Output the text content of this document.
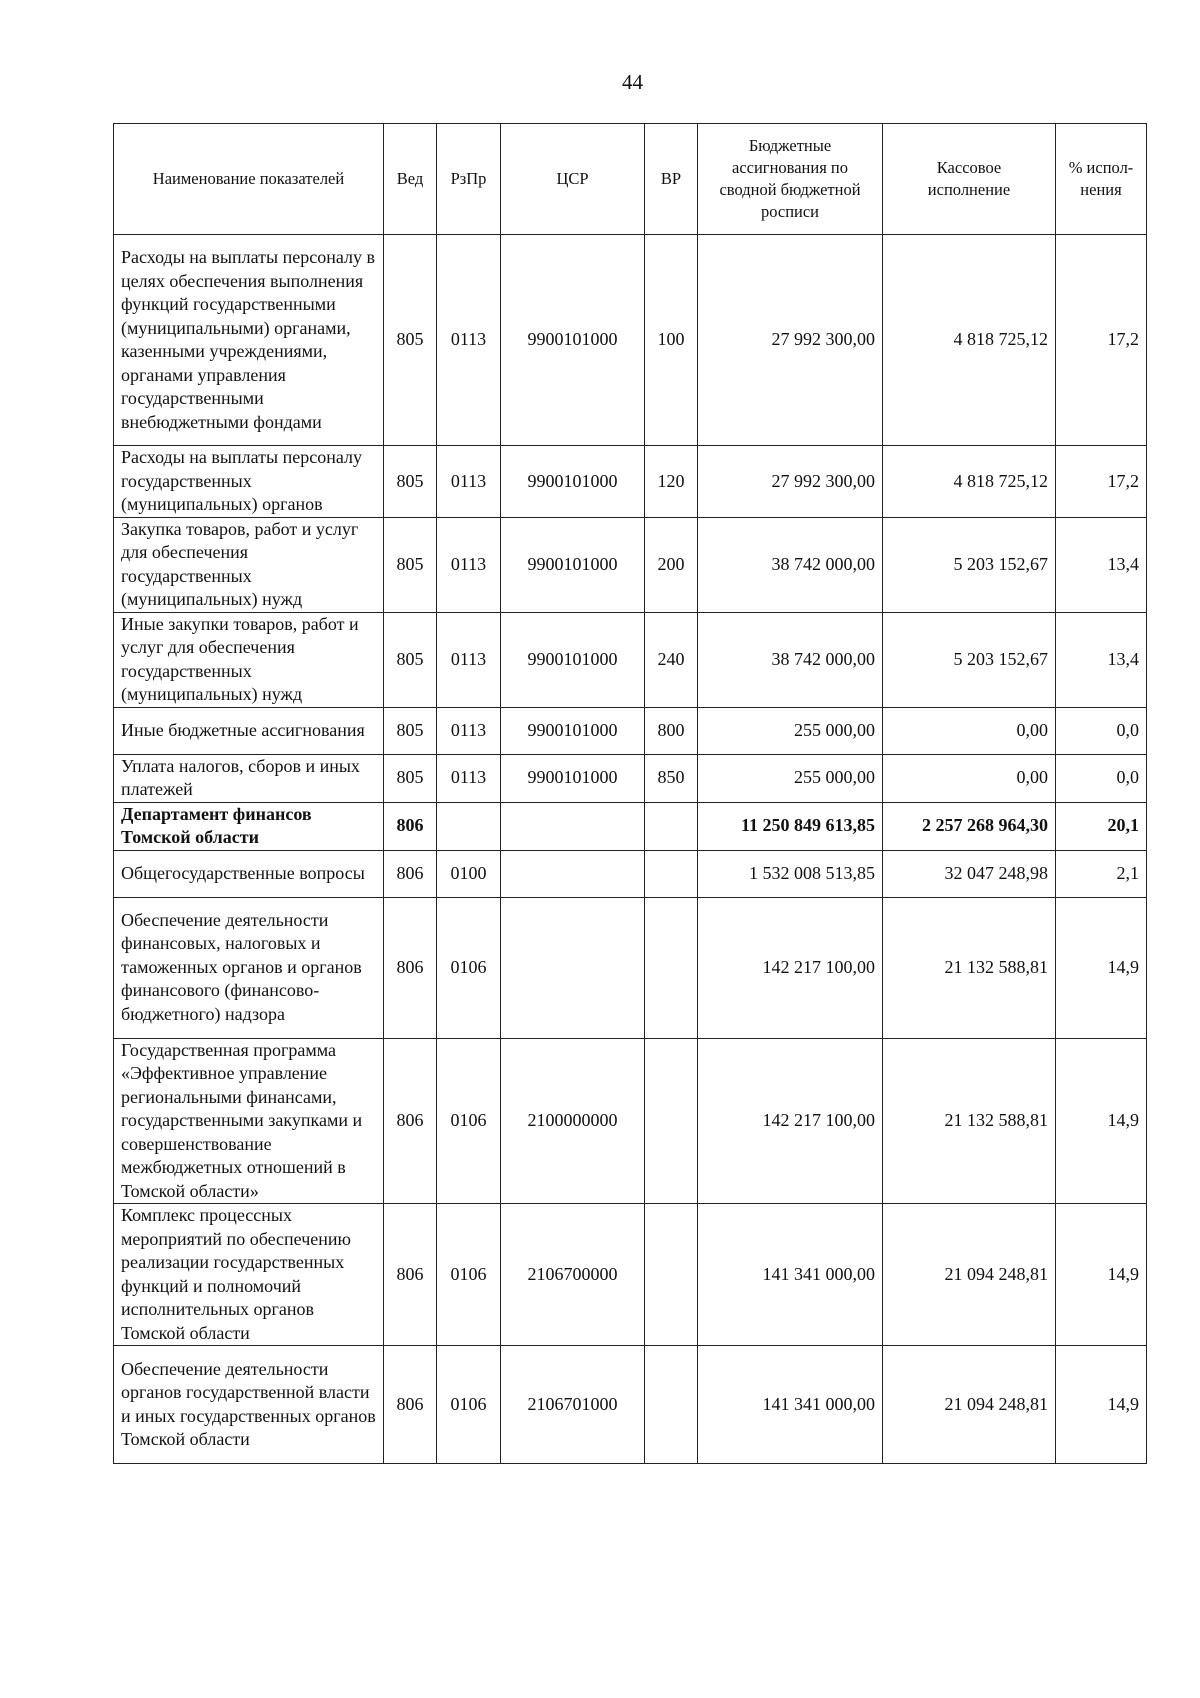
44
Наименование показателей	Вед	РзПр	ЦСР	ВР	Бюджетные ассигнования по сводной бюджетной росписи	Кассовое исполнение	% испол-нения
Расходы на выплаты персоналу в целях обеспечения выполнения функций государственными (муниципальными) органами, казенными учреждениями, органами управления государственными внебюджетными фондами	805	0113	9900101000	100	27 992 300,00	4 818 725,12	17,2
Расходы на выплаты персоналу государственных (муниципальных) органов	805	0113	9900101000	120	27 992 300,00	4 818 725,12	17,2
Закупка товаров, работ и услуг для обеспечения государственных (муниципальных) нужд	805	0113	9900101000	200	38 742 000,00	5 203 152,67	13,4
Иные закупки товаров, работ и услуг для обеспечения государственных (муниципальных) нужд	805	0113	9900101000	240	38 742 000,00	5 203 152,67	13,4
Иные бюджетные ассигнования	805	0113	9900101000	800	255 000,00	0,00	0,0
Уплата налогов, сборов и иных платежей	805	0113	9900101000	850	255 000,00	0,00	0,0
Департамент финансов Томской области	806				11 250 849 613,85	2 257 268 964,30	20,1
Общегосударственные вопросы	806	0100			1 532 008 513,85	32 047 248,98	2,1
Обеспечение деятельности финансовых, налоговых и таможенных органов и органов финансового (финансово-бюджетного) надзора	806	0106			142 217 100,00	21 132 588,81	14,9
Государственная программа «Эффективное управление региональными финансами, государственными закупками и совершенствование межбюджетных отношений в Томской области»	806	0106	2100000000		142 217 100,00	21 132 588,81	14,9
Комплекс процессных мероприятий по обеспечению реализации государственных функций и полномочий исполнительных органов Томской области	806	0106	2106700000		141 341 000,00	21 094 248,81	14,9
Обеспечение деятельности органов государственной власти и иных государственных органов Томской области	806	0106	2106701000		141 341 000,00	21 094 248,81	14,9
